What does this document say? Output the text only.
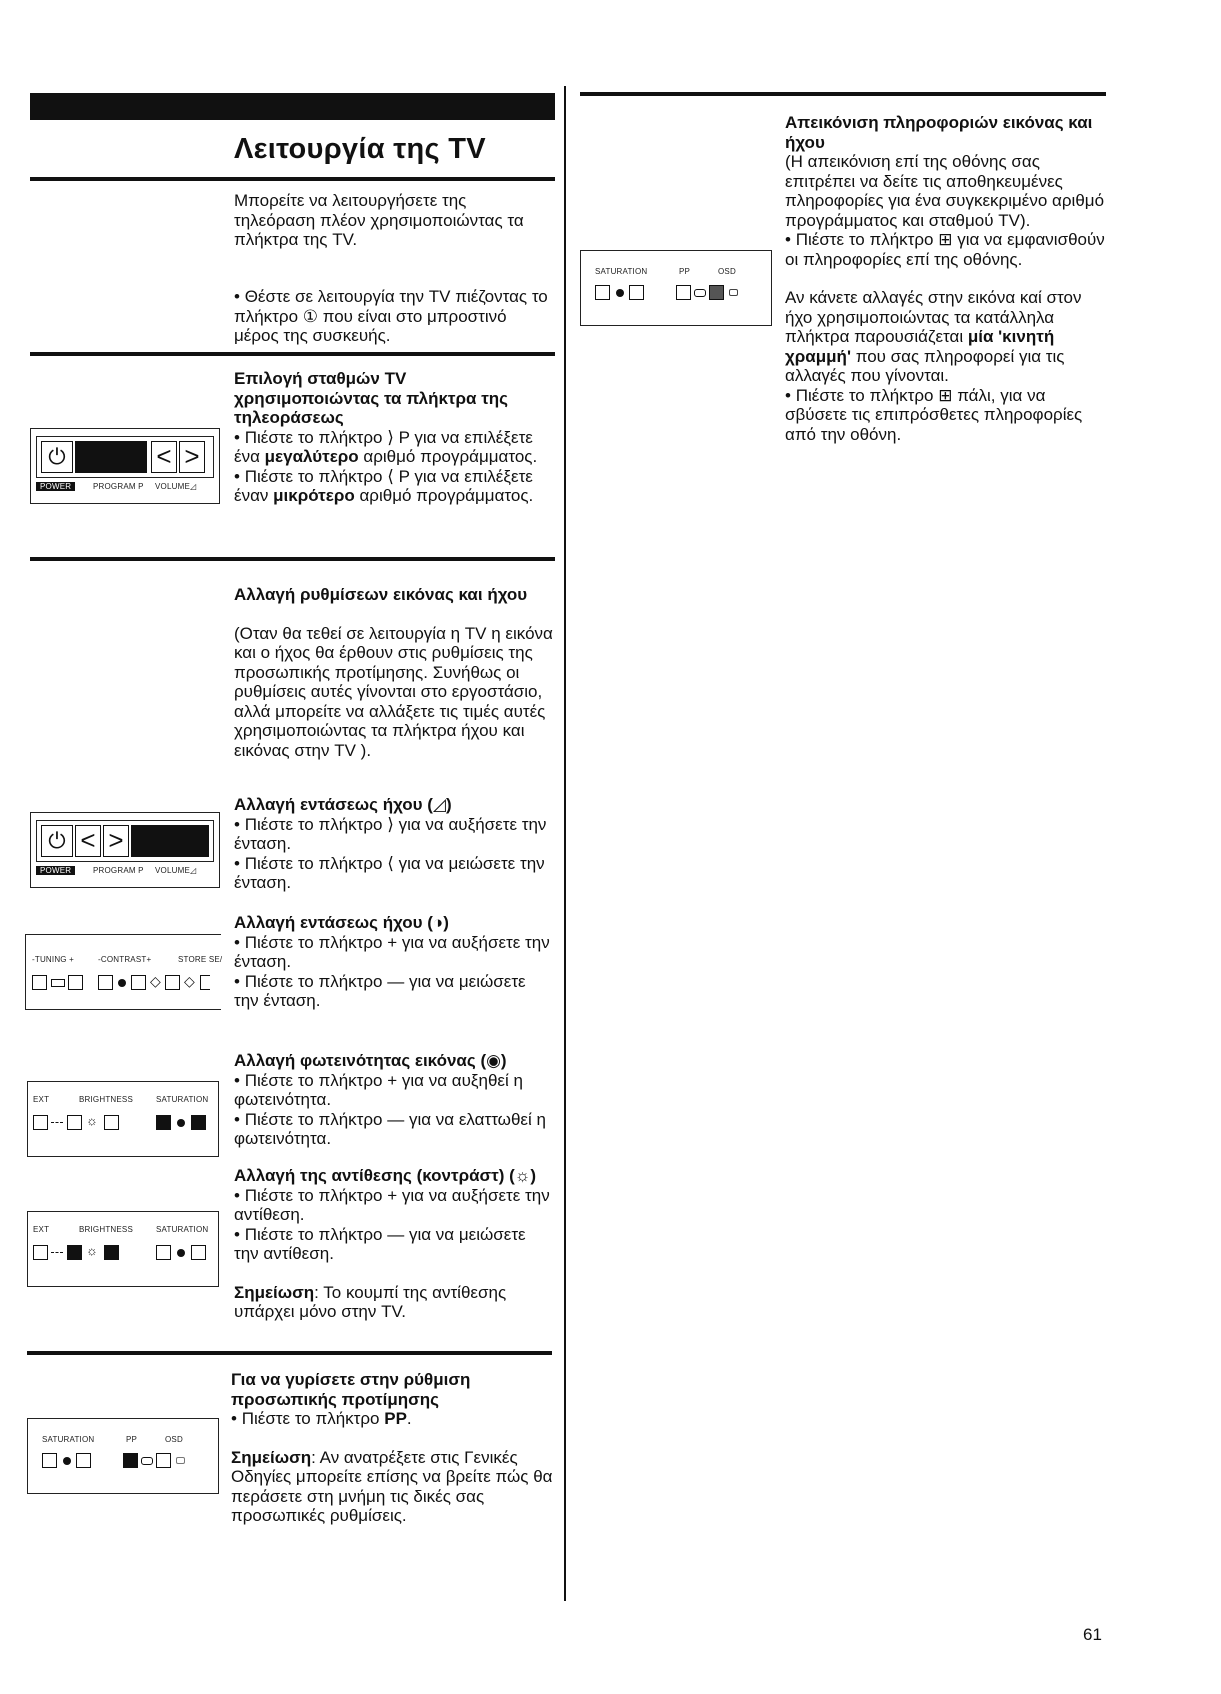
Λειτουργία της TV
Μπορείτε να λειτουργήσετε της τηλεόραση πλέον χρησιμοποιώντας τα πλήκτρα της TV.
• Θέστε σε λειτουργία την TV πιέζοντας το πλήκτρο ① που είναι στο μπροστινό μέρος της συσκευής.

Επιλογή σταθμών TV χρησιμοποιώντας τα πλήκτρα της τηλεοράσεως

• Πιέστε το πλήκτρο ⟩ P για να επιλέξετε ένα μεγαλύτερο αριθμό προγράμματος.

• Πιέστε το πλήκτρο ⟨ P για να επιλέξετε έναν μικρότερο αριθμό προγράμματος.

⏻	< >
POWER	PROGRAM P VOLUME◿

Αλλαγή ρυθμίσεων εικόνας και ήχου

(Οταν θα τεθεί σε λειτουργία η TV η εικόνα και ο ήχος θα έρθουν στις ρυθμίσεις της προσωπικής προτίμησης. Συνήθως οι ρυθμίσεις αυτές γίνονται στο εργοστάσιο, αλλά μπορείτε να αλλάξετε τις τιμές αυτές χρησιμοποιώντας τα πλήκτρα ήχου και εικόνας στην TV ).

Αλλαγή εντάσεως ήχου (◿)

• Πιέστε το πλήκτρο ⟩ για να αυξήσετε την ένταση.

• Πιέστε το πλήκτρο ⟨ για να μειώσετε την ένταση.

⏻ < >
POWER	PROGRAM P VOLUME◿

Αλλαγή εντάσεως ήχου (◑)

• Πιέστε το πλήκτρο + για να αυξήσετε την ένταση.

• Πιέστε το πλήκτρο — για να μειώσετε την ένταση.

-TUNING +	-CONTRAST+	STORE SE/
◇ ◇

Αλλαγή φωτεινότητας εικόνας (◉)

• Πιέστε το πλήκτρο + για να αυξηθεί η φωτεινότητα.

• Πιέστε το πλήκτρο — για να ελαττωθεί η φωτεινότητα.

EXT	BRIGHTNESS	SATURATION
☼

Αλλαγή της αντίθεσης (κοντράστ) (☼)

• Πιέστε το πλήκτρο + για να αυξήσετε την αντίθεση.

• Πιέστε το πλήκτρο — για να μειώσετε την αντίθεση.

Σημείωση: Το κουμπί της αντίθεσης υπάρχει μόνο στην TV.

EXT	BRIGHTNESS	SATURATION
☼

Για να γυρίσετε στην ρύθμιση προσωπικής προτίμησης

• Πιέστε το πλήκτρο PP.

Σημείωση: Αν ανατρέξετε στις Γενικές Οδηγίες μπορείτε επίσης να βρείτε πώς θα περάσετε στη μνήμη τις δικές σας προσωπικές ρυθμίσεις.

SATURATION	PP	OSD

Απεικόνιση πληροφοριών εικόνας και ήχου

(Η απεικόνιση επί της οθόνης σας επιτρέπει να δείτε τις αποθηκευμένες πληροφορίες για ένα συγκεκριμένο αριθμό προγράμματος και σταθμού TV).

• Πιέστε το πλήκτρο ⊞ για να εμφανισθούν οι πληροφορίες επί της οθόνης.

Αν κάνετε αλλαγές στην εικόνα καί στον ήχο χρησιμοποιώντας τα κατάλληλα πλήκτρα παρουσιάζεται μία 'κινητή χραμμή' που σας πληροφορεί για τις αλλαγές που γίνονται.

• Πιέστε το πλήκτρο ⊞ πάλι, για να σβύσετε τις επιπρόσθετες πληροφορίες από την οθόνη.

SATURATION	PP	OSD
61
